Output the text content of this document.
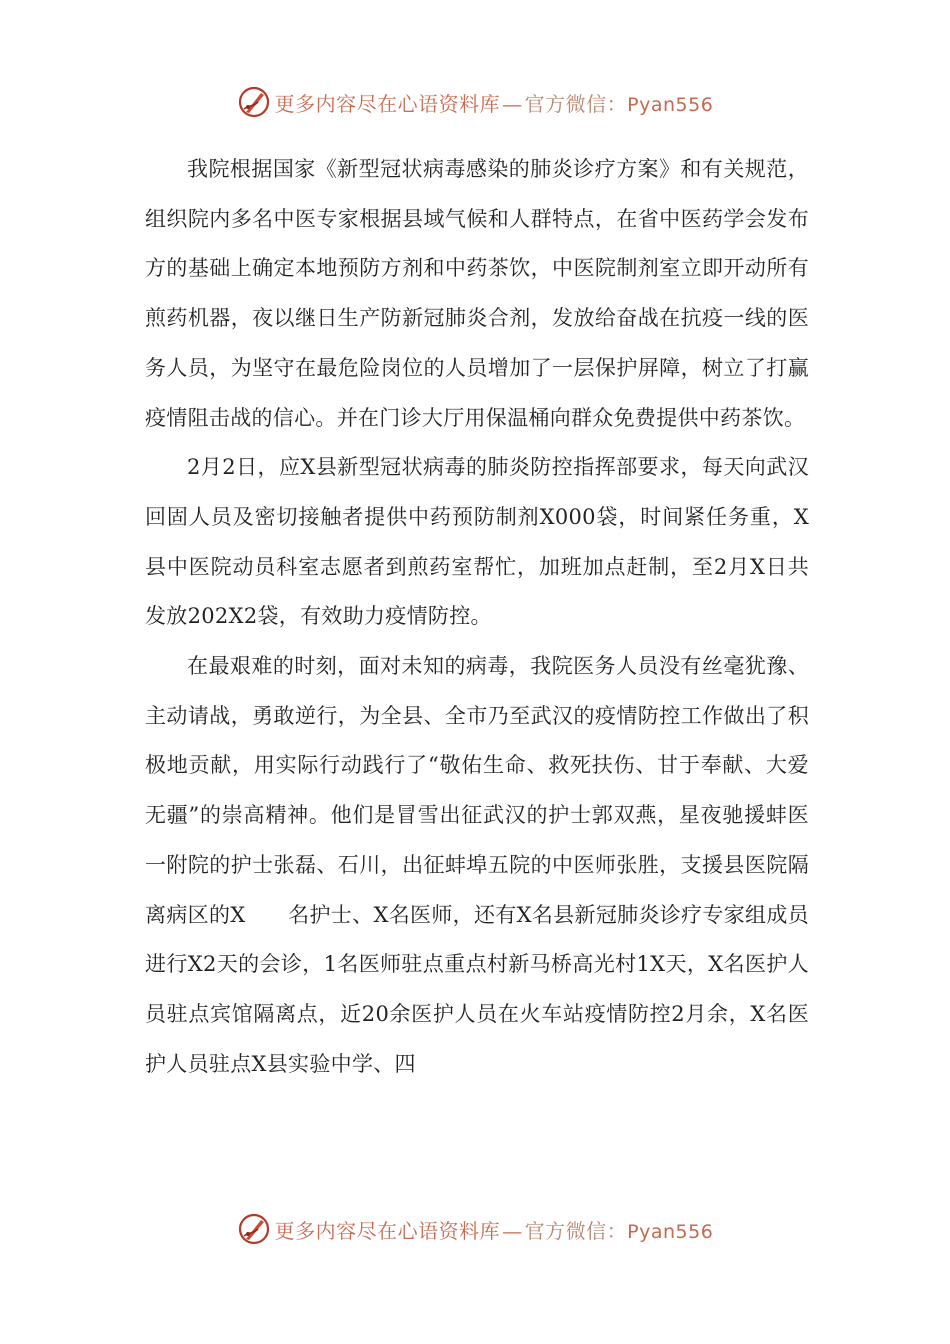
更多内容尽在心语资料库 — 官方微信：Pyan556

我院根据国家《新型冠状病毒感染的肺炎诊疗方案》和有关规范，组织院内多名中医专家根据县域气候和人群特点，在省中医药学会发布方的基础上确定本地预防方剂和中药茶饮，中医院制剂室立即开动所有煎药机器，夜以继日生产防新冠肺炎合剂，发放给奋战在抗疫一线的医务人员，为坚守在最危险岗位的人员增加了一层保护屏障，树立了打赢疫情阻击战的信心。并在门诊大厅用保温桶向群众免费提供中药茶饮。

2月2日，应X县新型冠状病毒的肺炎防控指挥部要求，每天向武汉回固人员及密切接触者提供中药预防制剂X000袋，时间紧任务重，X县中医院动员科室志愿者到煎药室帮忙，加班加点赶制，至2月X日共发放202X2袋，有效助力疫情防控。

在最艰难的时刻，面对未知的病毒，我院医务人员没有丝毫犹豫、主动请战，勇敢逆行，为全县、全市乃至武汉的疫情防控工作做出了积极地贡献，用实际行动践行了“敬佑生命、救死扶伤、甘于奉献、大爱无疆”的崇高精神。他们是冒雪出征武汉的护士郭双燕，星夜驰援蚌医一附院的护士张磊、石川，出征蚌埠五院的中医师张胜，支援县医院隔离病区的X　　名护士、X名医师，还有X名县新冠肺炎诊疗专家组成员进行X2天的会诊，1名医师驻点重点村新马桥高光村1X天，X名医护人员驻点宾馆隔离点，近20余医护人员在火车站疫情防控2月余，X名医护人员驻点X县实验中学、四

更多内容尽在心语资料库 — 官方微信：Pyan556
